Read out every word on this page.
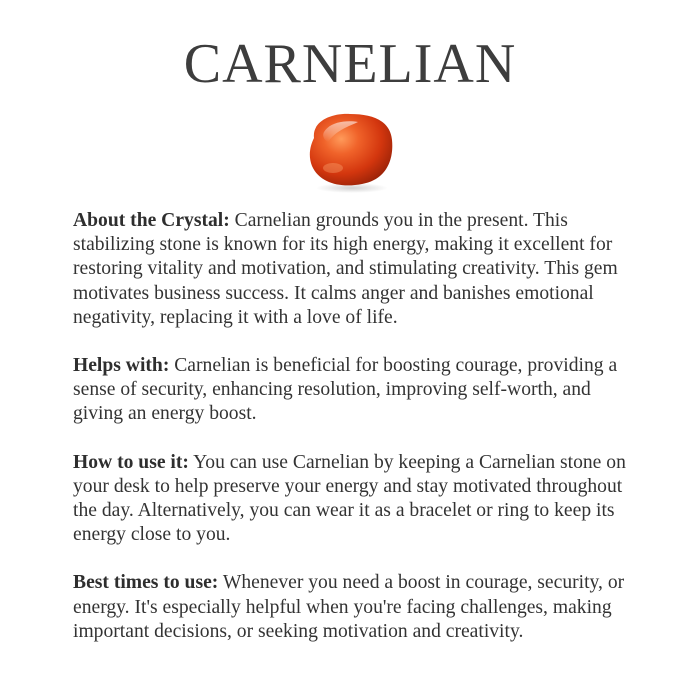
CARNELIAN

About the Crystal: Carnelian grounds you in the present. This stabilizing stone is known for its high energy, making it excellent for restoring vitality and motivation, and stimulating creativity. This gem motivates business success. It calms anger and banishes emotional negativity, replacing it with a love of life.

Helps with: Carnelian is beneficial for boosting courage, providing a sense of security, enhancing resolution, improving self-worth, and giving an energy boost.

How to use it: You can use Carnelian by keeping a Carnelian stone on your desk to help preserve your energy and stay motivated throughout the day. Alternatively, you can wear it as a bracelet or ring to keep its energy close to you.

Best times to use: Whenever you need a boost in courage, security, or energy. It's especially helpful when you're facing challenges, making important decisions, or seeking motivation and creativity.
